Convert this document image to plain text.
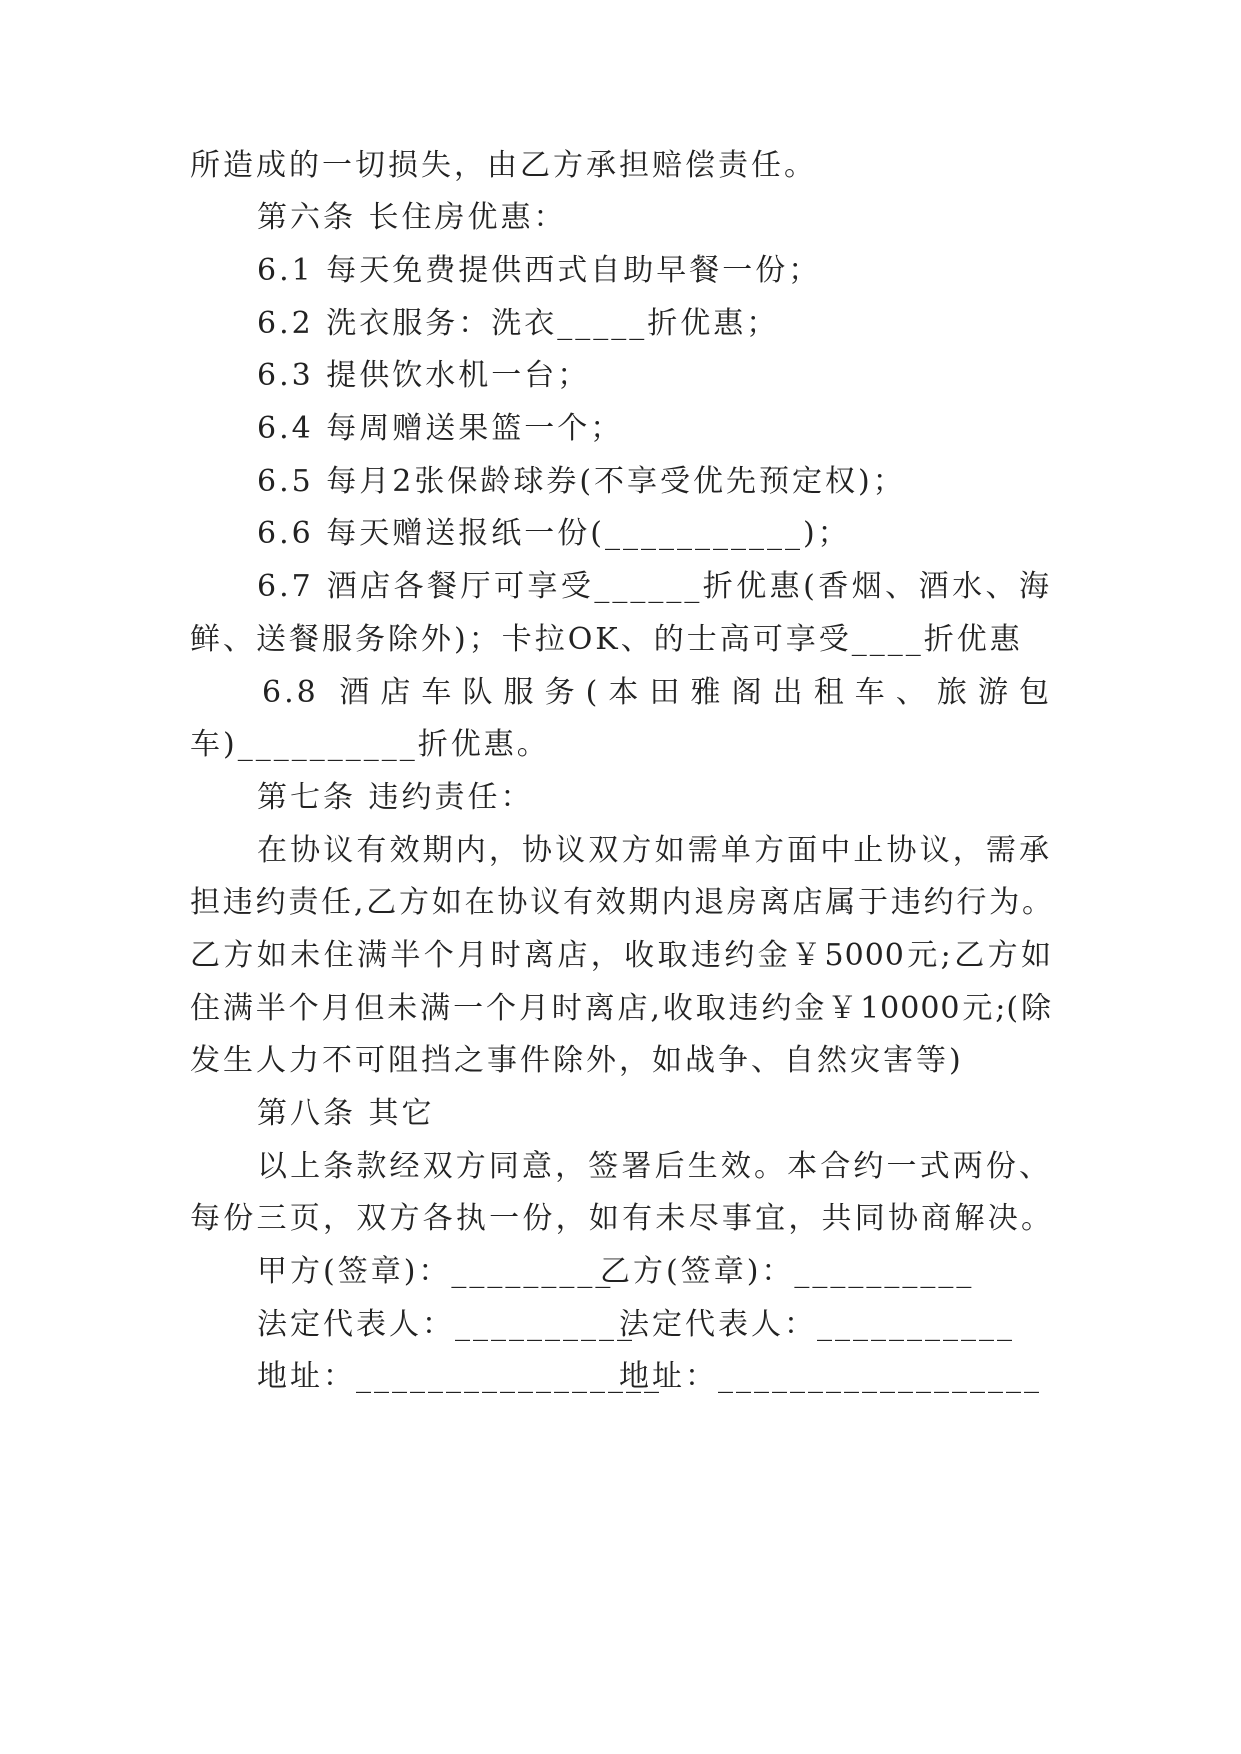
所造成的一切损失，由乙方承担赔偿责任。
第六条 长住房优惠：
6.1 每天免费提供西式自助早餐一份；
6.2 洗衣服务：洗衣_____折优惠；
6.3 提供饮水机一台；
6.4 每周赠送果篮一个；
6.5 每月2张保龄球券(不享受优先预定权)；
6.6 每天赠送报纸一份(___________)；
6.7 酒店各餐厅可享受______折优惠(香烟、酒水、海
鲜、送餐服务除外)；卡拉OK、的士高可享受____折优惠
6.8 酒店车队服务(本田雅阁出租车、旅游包
车)__________折优惠。
第七条 违约责任：
在协议有效期内，协议双方如需单方面中止协议，需承
担违约责任,乙方如在协议有效期内退房离店属于违约行为。
乙方如未住满半个月时离店，收取违约金￥5000元;乙方如
住满半个月但未满一个月时离店,收取违约金￥10000元;(除
发生人力不可阻挡之事件除外，如战争、自然灾害等)
第八条 其它
以上条款经双方同意，签署后生效。本合约一式两份、
每份三页，双方各执一份，如有未尽事宜，共同协商解决。
甲方(签章)：_________
乙方(签章)：__________
法定代表人：__________
法定代表人：___________
地址：_________________
地址：__________________
